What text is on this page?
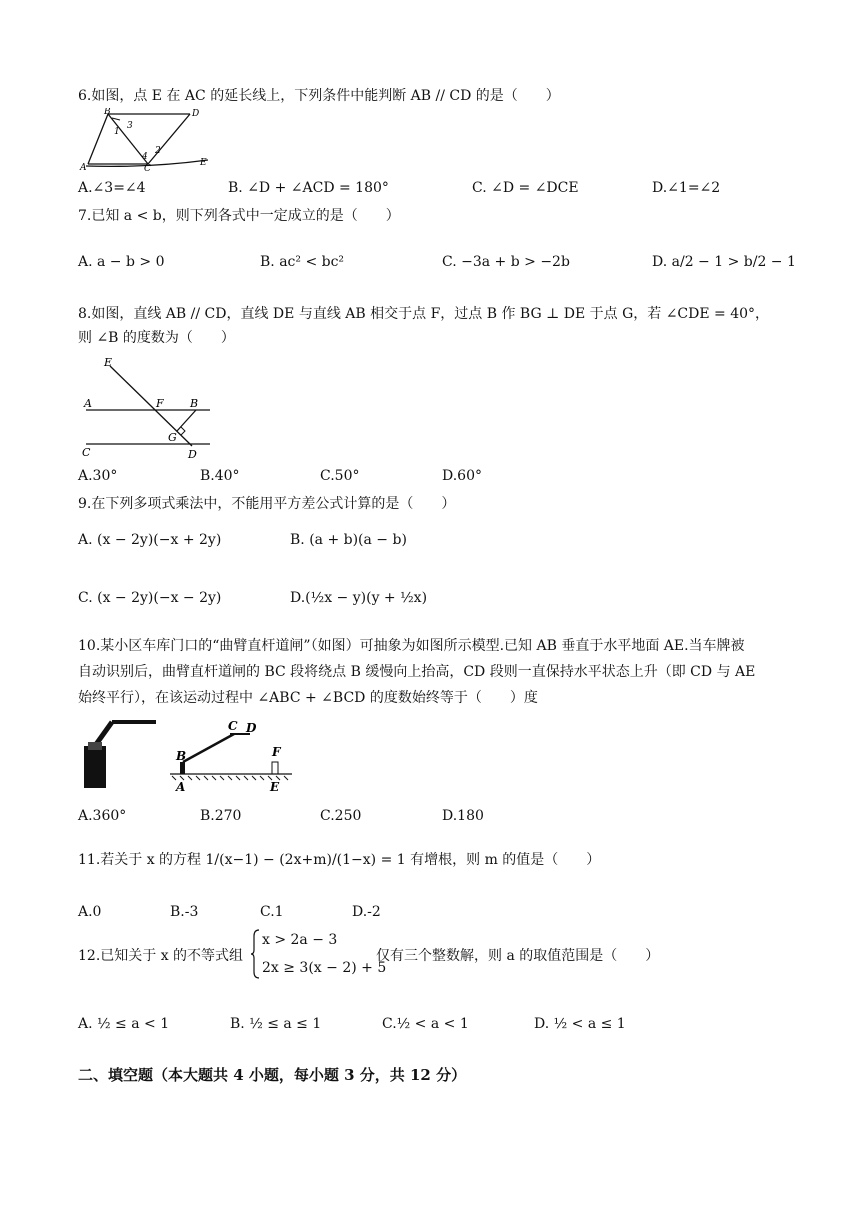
6.如图，点 E 在 AC 的延长线上，下列条件中能判断 AB // CD 的是（　　）
B	D
1
3
2
4
A	C
E
A.∠3=∠4	B. ∠D + ∠ACD = 180°	C. ∠D = ∠DCE	D.∠1=∠2
7.已知 a < b，则下列各式中一定成立的是（　　）
A. a − b > 0	B. ac² < bc²	C. −3a + b > −2b	D. a/2 − 1 > b/2 − 1
8.如图，直线 AB // CD，直线 DE 与直线 AB 相交于点 F，过点 B 作 BG ⊥ DE 于点 G，若 ∠CDE = 40°，
则 ∠B 的度数为（　　）
E
A	F B
G
C	D
A.30°	B.40°	C.50°	D.60°
9.在下列多项式乘法中，不能用平方差公式计算的是（　　）
A. (x − 2y)(−x + 2y)	B. (a + b)(a − b)
C. (x − 2y)(−x − 2y)	D.(½x − y)(y + ½x)
10.某小区车库门口的“曲臂直杆道闸”（如图）可抽象为如图所示模型.已知 AB 垂直于水平地面 AE.当车牌被
自动识别后，曲臂直杆道闸的 BC 段将绕点 B 缓慢向上抬高，CD 段则一直保持水平状态上升（即 CD 与 AE
始终平行），在该运动过程中 ∠ABC + ∠BCD 的度数始终等于（　　）度
C D
B	F
A	E
A.360°	B.270	C.250	D.180
11.若关于 x 的方程 1/(x−1) − (2x+m)/(1−x) = 1 有增根，则 m 的值是（　　）
A.0	B.-3	C.1	D.-2
12.已知关于 x 的不等式组
x > 2a − 3
2x ≥ 3(x − 2) + 5
仅有三个整数解，则 a 的取值范围是（　　）
A. ½ ≤ a < 1	B. ½ ≤ a ≤ 1	C.½ < a < 1	D. ½ < a ≤ 1
二、填空题（本大题共 4 小题，每小题 3 分，共 12 分）
